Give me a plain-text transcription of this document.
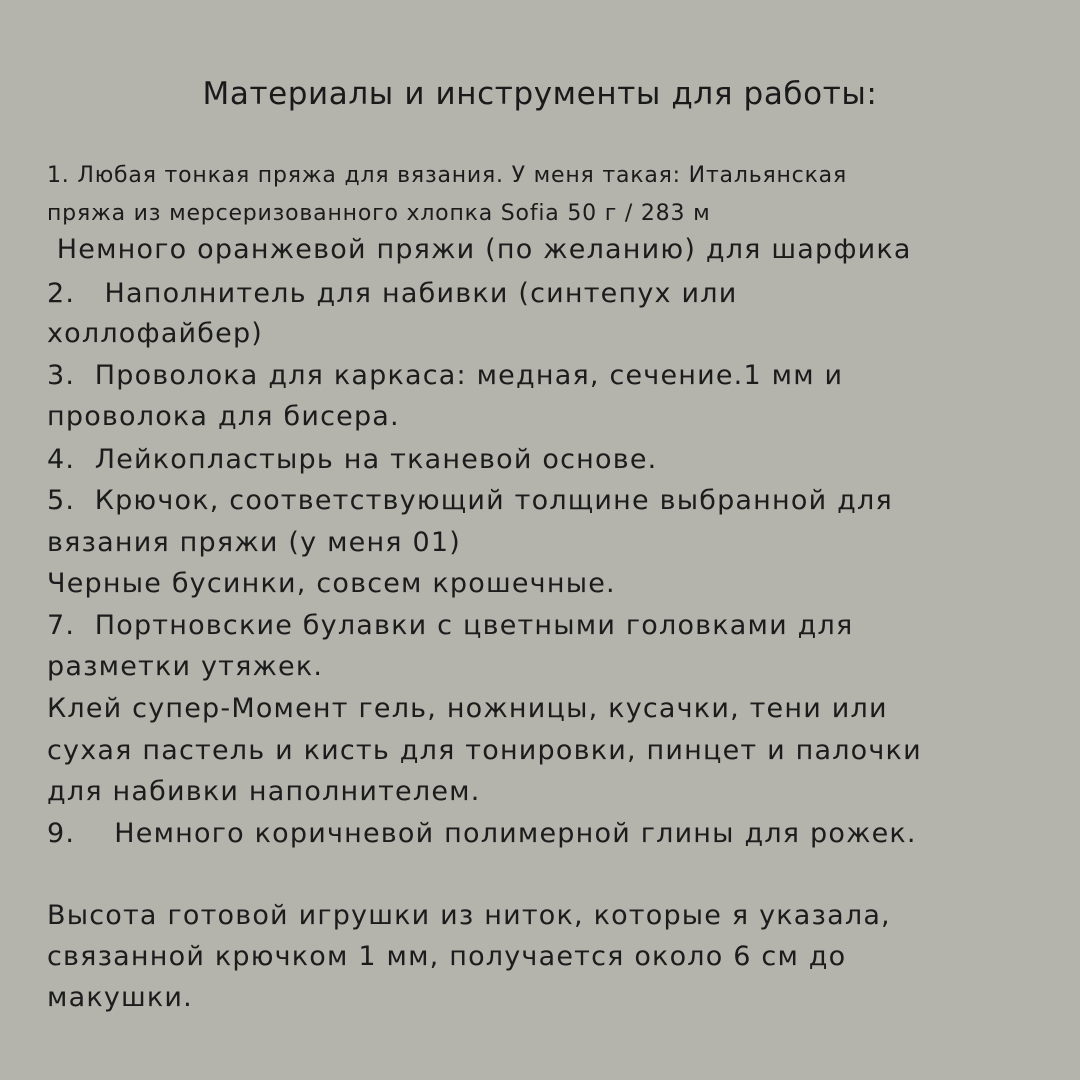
Материалы и инструменты для работы:
1. Любая тонкая пряжа для вязания. У меня такая: Итальянская
пряжа из мерсеризованного хлопка Sofia 50 г / 283 м
Немного оранжевой пряжи (по желанию) для шарфика
2.   Наполнитель для набивки (синтепух или
холлофайбер)
3.  Проволока для каркаса: медная, сечение.1 мм и
проволока для бисера.
4.  Лейкопластырь на тканевой основе.
5.  Крючок, соответствующий толщине выбранной для
вязания пряжи (у меня 01)
Черные бусинки, совсем крошечные.
7.  Портновские булавки с цветными головками для
разметки утяжек.
Клей супер-Момент гель, ножницы, кусачки, тени или
сухая пастель и кисть для тонировки, пинцет и палочки
для набивки наполнителем.
9.    Немного коричневой полимерной глины для рожек.
Высота готовой игрушки из ниток, которые я указала,
связанной крючком 1 мм, получается около 6 см до
макушки.
